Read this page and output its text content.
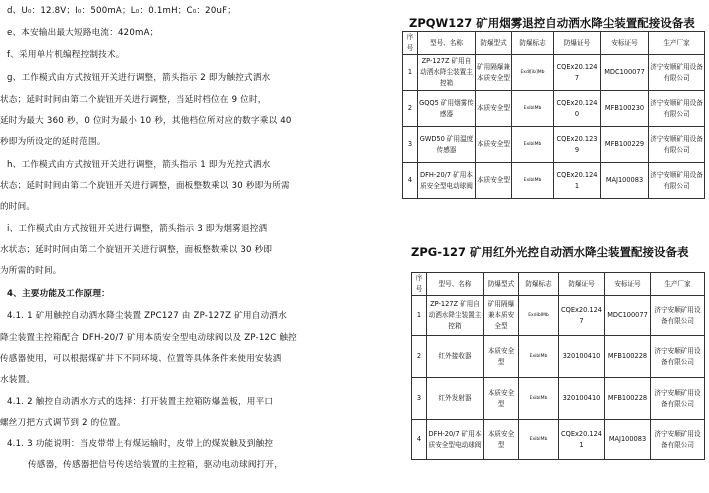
d、U₀：12.8V；I₀：500mA；L₀：0.1mH；C₀：20uF；
e、本安输出最大短路电流：420mA；
f、采用单片机编程控制技术。
g、工作模式由方式按钮开关进行调整，箭头指示 2 即为触控式洒水
状态；延时时间由第二个旋钮开关进行调整，当延时档位在 9 位时，
延时为最大 360 秒，0 位时为最小 10 秒，其他档位所对应的数字乘以 40
秒即为所设定的延时范围。
h、工作模式由方式按钮开关进行调整，箭头指示 1 即为光控式洒水
状态；延时时间由第二个旋钮开关进行调整，面板整数乘以 30 秒即为所需
的时间。
i、工作模式由方式按钮开关进行调整，箭头指示 3 即为烟雾退控洒
水状态；延时时间由第二个旋钮开关进行调整，面板整数乘以 30 秒即
为所需的时间。
4、主要功能及工作原理：
4.1. 1 矿用触控自动洒水降尘装置 ZPC127 由 ZP-127Z 矿用自动洒水
降尘装置主控箱配合 DFH-20/7 矿用本质安全型电动球阀以及 ZP-12C 触控
传感器使用，可以根据煤矿井下不同环境、位置等具体条件来使用安装洒
水装置。
4.1. 2 触控自动洒水方式的选择：打开装置主控箱防爆盖板，用平口
螺丝刀把方式调节到 2 的位置。
4.1. 3 功能说明：当皮带带上有煤运输时，皮带上的煤炭触及到触控
传感器，传感器把信号传送给装置的主控箱，驱动电动球阀打开，
ZPQW127 矿用烟雾退控自动洒水降尘装置配接设备表
序号	型号、名称	防爆型式	防爆标志	防爆证号	安标证号	生产厂家
1	ZP-127Z 矿用自动洒水降尘装置主控箱	矿用隔爆兼本质安全型	ExdⅠ[ib]Mb	CQEx20.1247	MDC100077	济宁安顺矿用设备有限公司
2	GQQ5 矿用烟雾传感器	本质安全型	ExibⅠMb	CQEx20.1240	MFB100230	济宁安顺矿用设备有限公司
3	GWD50 矿用温度传感器	本质安全型	ExibⅠMb	CQEx20.1239	MFB100229	济宁安顺矿用设备有限公司
4	DFH-20/7 矿用本质安全型电动球阀	本质安全型	ExibⅠMb	CQEx20.1241	MAJ100083	济宁安顺矿用设备有限公司
ZPG-127 矿用红外光控自动洒水降尘装置配接设备表
序号	型号、名称	防爆型式	防爆标志	防爆证号	安标证号	生产厂家
1	ZP-127Z 矿用自动洒水降尘装置主控箱	矿用隔爆兼本质安全型	ExdibIMb	CQEx20.1247	MDC100077	济宁安顺矿用设备有限公司
2	红外接收器	本质安全型	ExibⅠMb	320100410	MFB100228	济宁安顺矿用设备有限公司
3	红外发射器	本质安全型	ExibⅠMb	320100410	MFB100228	济宁安顺矿用设备有限公司
4	DFH-20/7 矿用本质安全型电动球阀	本质安全型	ExibⅠMb	CQEx20.1241	MAJ100083	济宁安顺矿用设备有限公司
